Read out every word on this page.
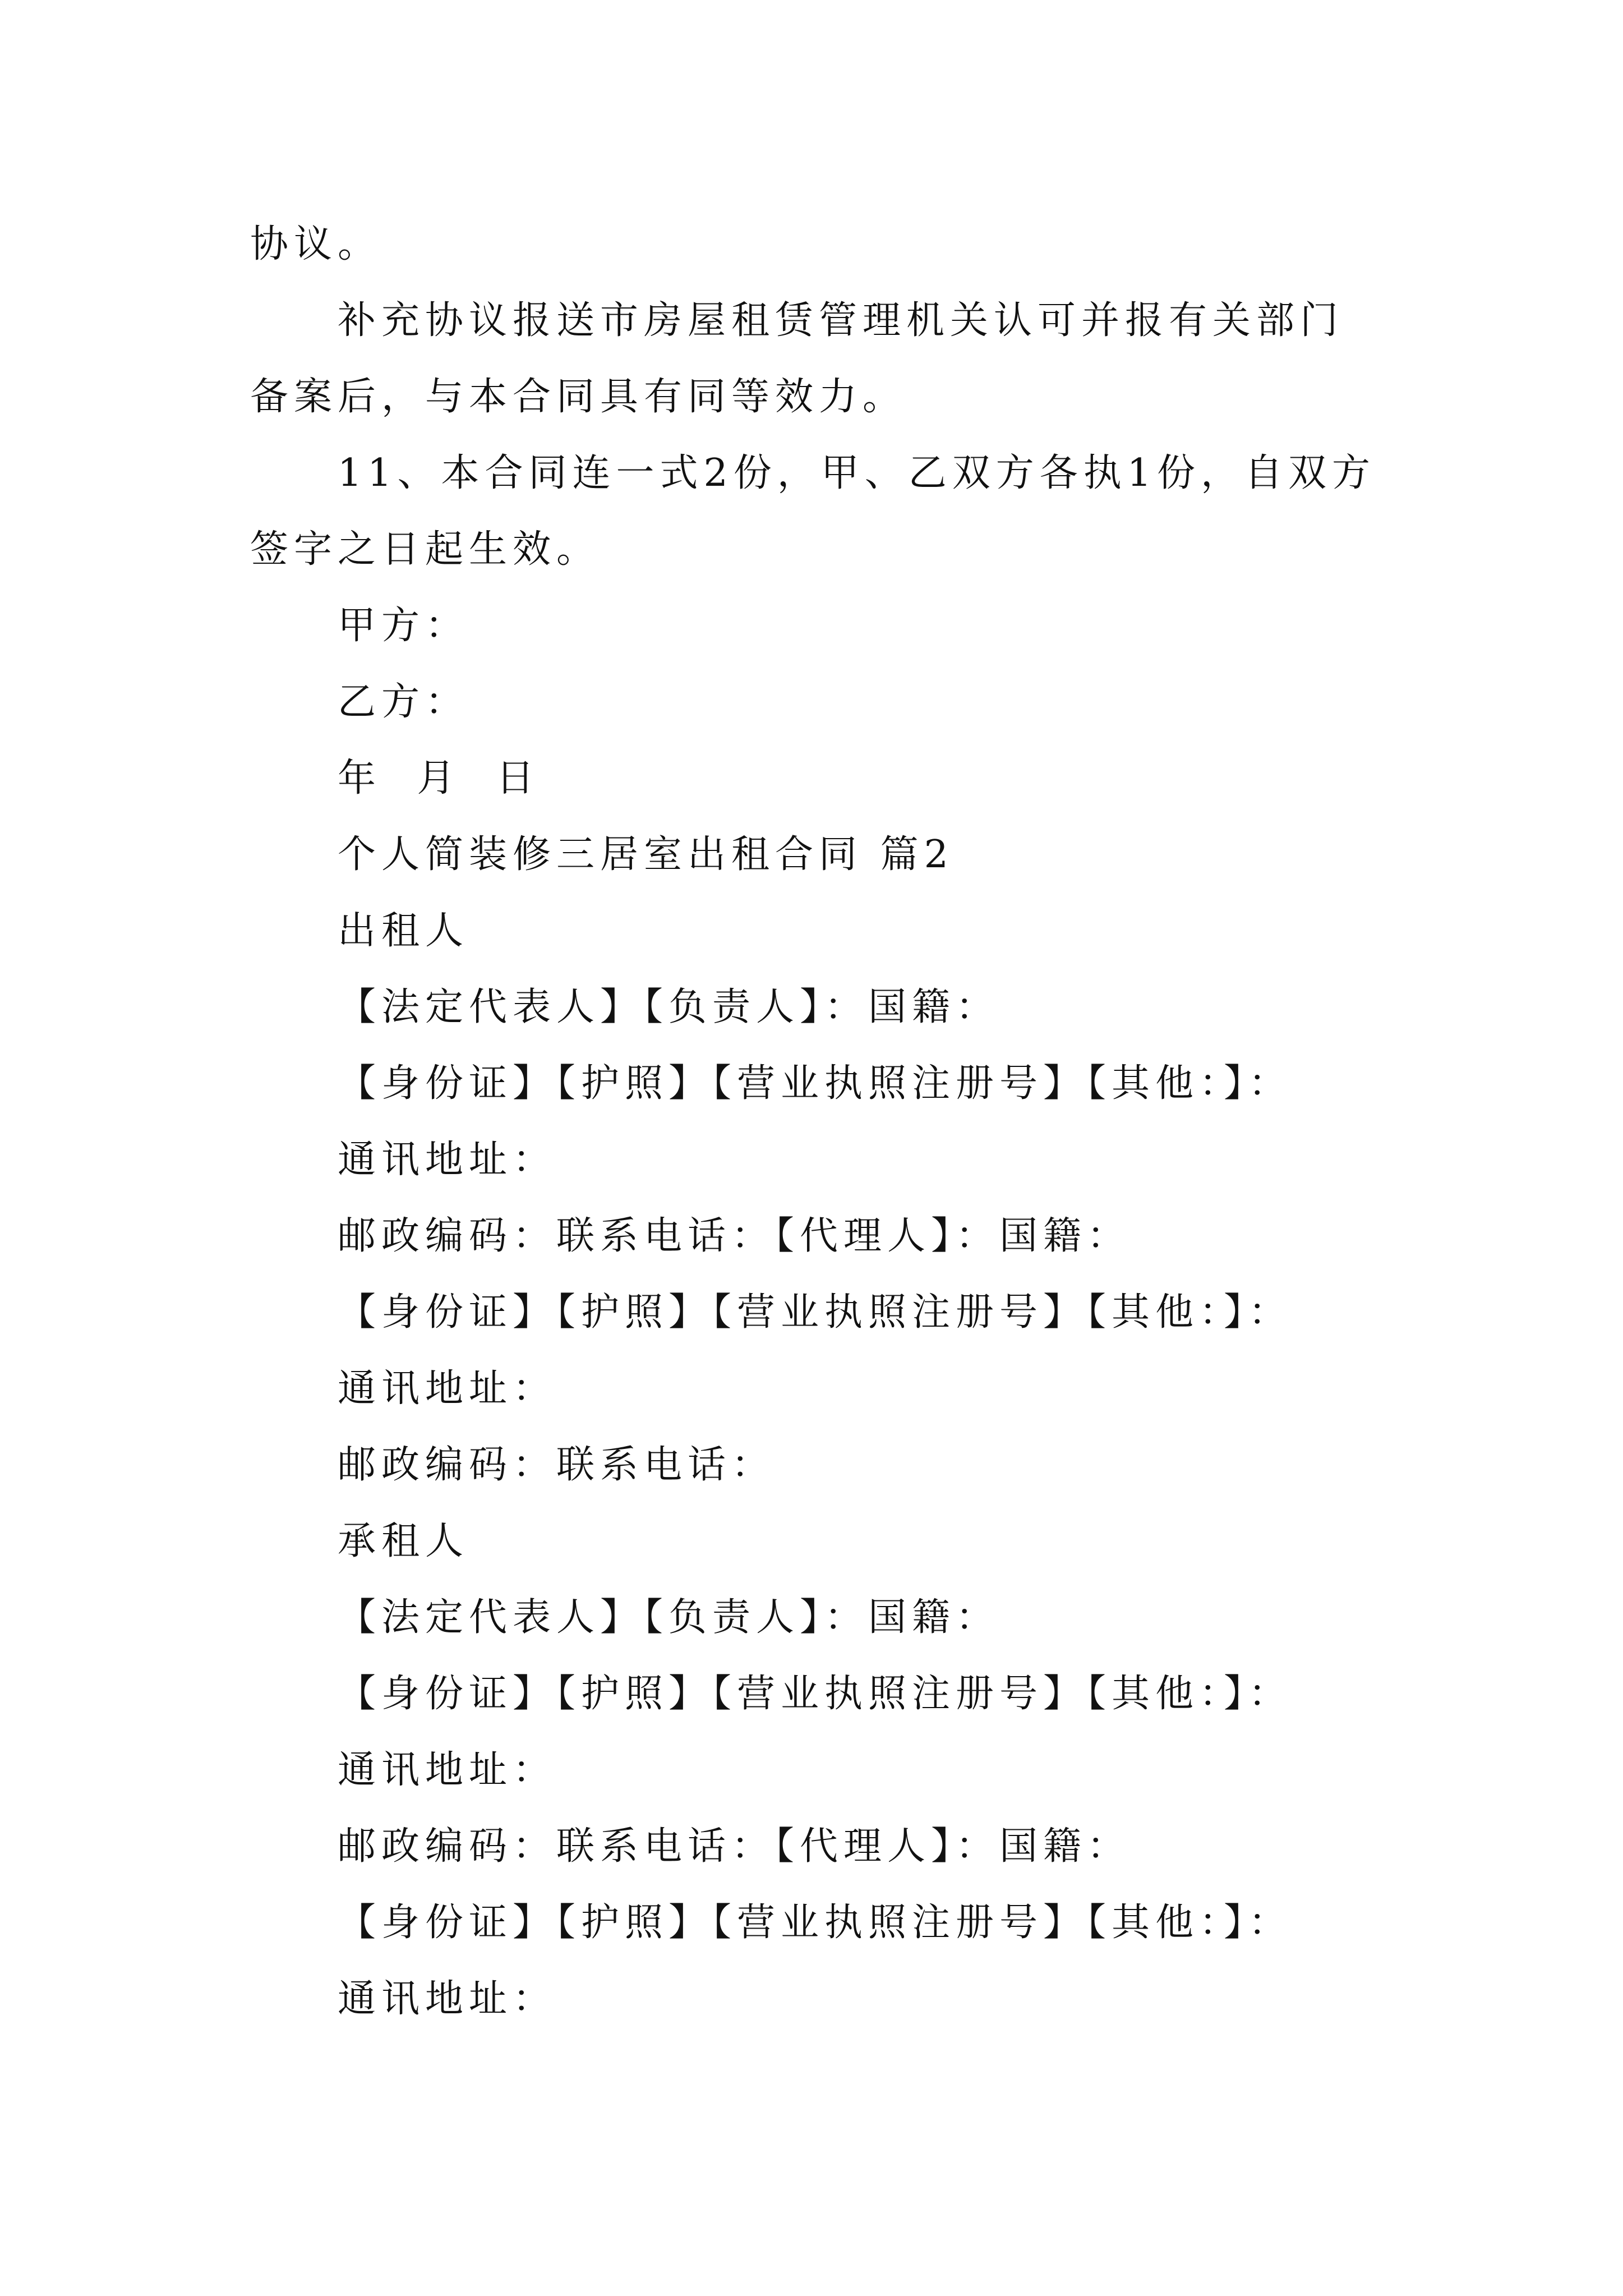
协议。

补充协议报送市房屋租赁管理机关认可并报有关部门备案后，与本合同具有同等效力。

11、本合同连一式2份，甲、乙双方各执1份，自双方签字之日起生效。

甲方：

乙方：

年  月  日

个人简装修三居室出租合同 篇2

出租人

【法定代表人】【负责人】：国籍：

【身份证】【护照】【营业执照注册号】【其他：】：

通讯地址：

邮政编码：联系电话：【代理人】：国籍：

【身份证】【护照】【营业执照注册号】【其他：】：

通讯地址：

邮政编码：联系电话：

承租人

【法定代表人】【负责人】：国籍：

【身份证】【护照】【营业执照注册号】【其他：】：

通讯地址：

邮政编码：联系电话：【代理人】：国籍：

【身份证】【护照】【营业执照注册号】【其他：】：

通讯地址：
